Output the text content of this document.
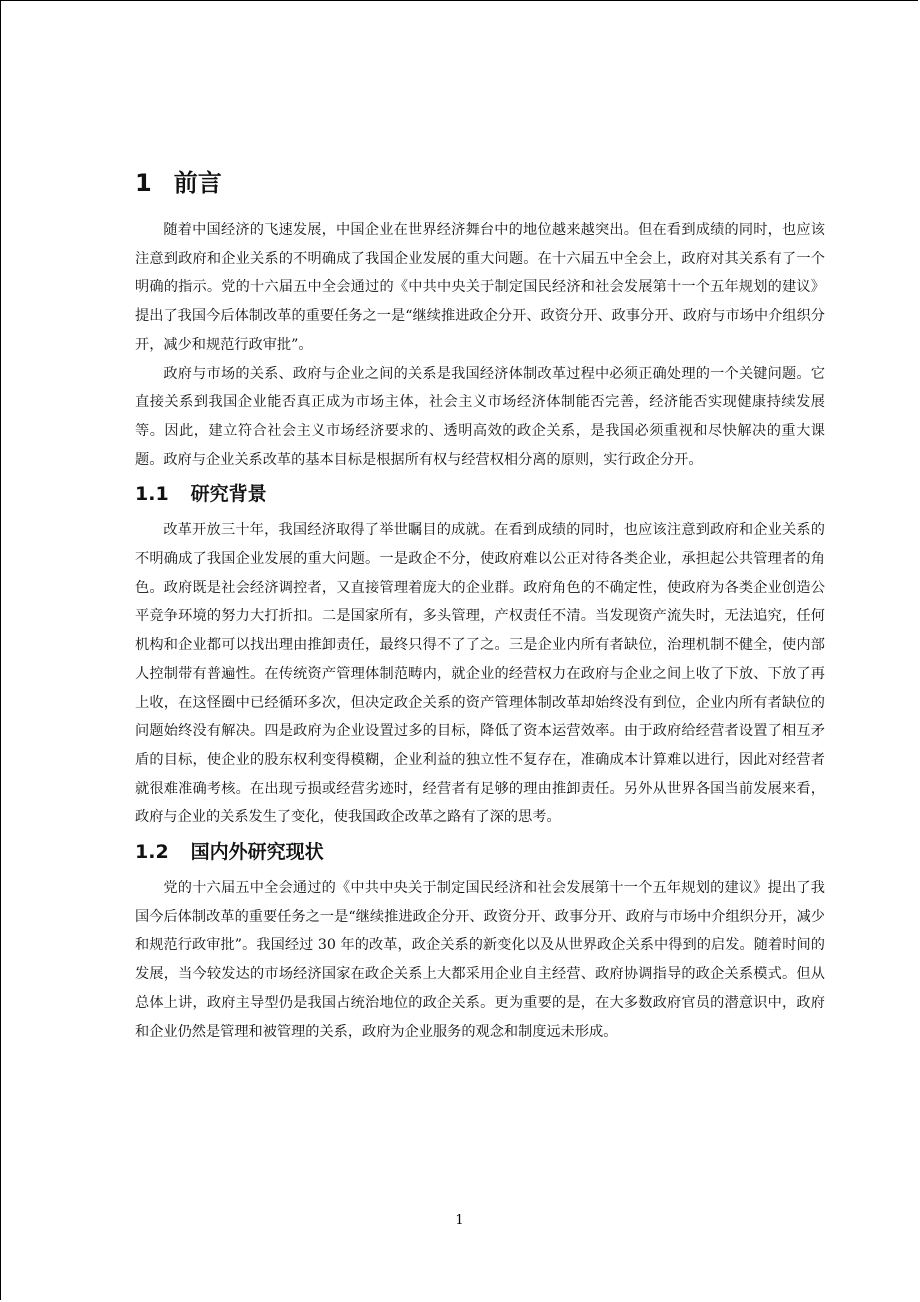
1 前言

随着中国经济的飞速发展，中国企业在世界经济舞台中的地位越来越突出。但在看到成绩的同时，也应该注意到政府和企业关系的不明确成了我国企业发展的重大问题。在十六届五中全会上，政府对其关系有了一个明确的指示。党的十六届五中全会通过的《中共中央关于制定国民经济和社会发展第十一个五年规划的建议》提出了我国今后体制改革的重要任务之一是“继续推进政企分开、政资分开、政事分开、政府与市场中介组织分开，减少和规范行政审批”。

政府与市场的关系、政府与企业之间的关系是我国经济体制改革过程中必须正确处理的一个关键问题。它直接关系到我国企业能否真正成为市场主体，社会主义市场经济体制能否完善，经济能否实现健康持续发展等。因此，建立符合社会主义市场经济要求的、透明高效的政企关系，是我国必须重视和尽快解决的重大课题。政府与企业关系改革的基本目标是根据所有权与经营权相分离的原则，实行政企分开。

1.1 研究背景

改革开放三十年，我国经济取得了举世瞩目的成就。在看到成绩的同时，也应该注意到政府和企业关系的不明确成了我国企业发展的重大问题。一是政企不分，使政府难以公正对待各类企业，承担起公共管理者的角色。政府既是社会经济调控者，又直接管理着庞大的企业群。政府角色的不确定性，使政府为各类企业创造公平竞争环境的努力大打折扣。二是国家所有，多头管理，产权责任不清。当发现资产流失时，无法追究，任何机构和企业都可以找出理由推卸责任，最终只得不了了之。三是企业内所有者缺位，治理机制不健全，使内部人控制带有普遍性。在传统资产管理体制范畴内，就企业的经营权力在政府与企业之间上收了下放、下放了再上收，在这怪圈中已经循环多次，但决定政企关系的资产管理体制改革却始终没有到位，企业内所有者缺位的问题始终没有解决。四是政府为企业设置过多的目标，降低了资本运营效率。由于政府给经营者设置了相互矛盾的目标，使企业的股东权利变得模糊，企业利益的独立性不复存在，准确成本计算难以进行，因此对经营者就很难准确考核。在出现亏损或经营劣迹时，经营者有足够的理由推卸责任。另外从世界各国当前发展来看，政府与企业的关系发生了变化，使我国政企改革之路有了深的思考。

1.2 国内外研究现状

党的十六届五中全会通过的《中共中央关于制定国民经济和社会发展第十一个五年规划的建议》提出了我国今后体制改革的重要任务之一是“继续推进政企分开、政资分开、政事分开、政府与市场中介组织分开，减少和规范行政审批”。我国经过 30 年的改革，政企关系的新变化以及从世界政企关系中得到的启发。随着时间的发展，当今较发达的市场经济国家在政企关系上大都采用企业自主经营、政府协调指导的政企关系模式。但从总体上讲，政府主导型仍是我国占统治地位的政企关系。更为重要的是，在大多数政府官员的潜意识中，政府和企业仍然是管理和被管理的关系，政府为企业服务的观念和制度远未形成。

1
